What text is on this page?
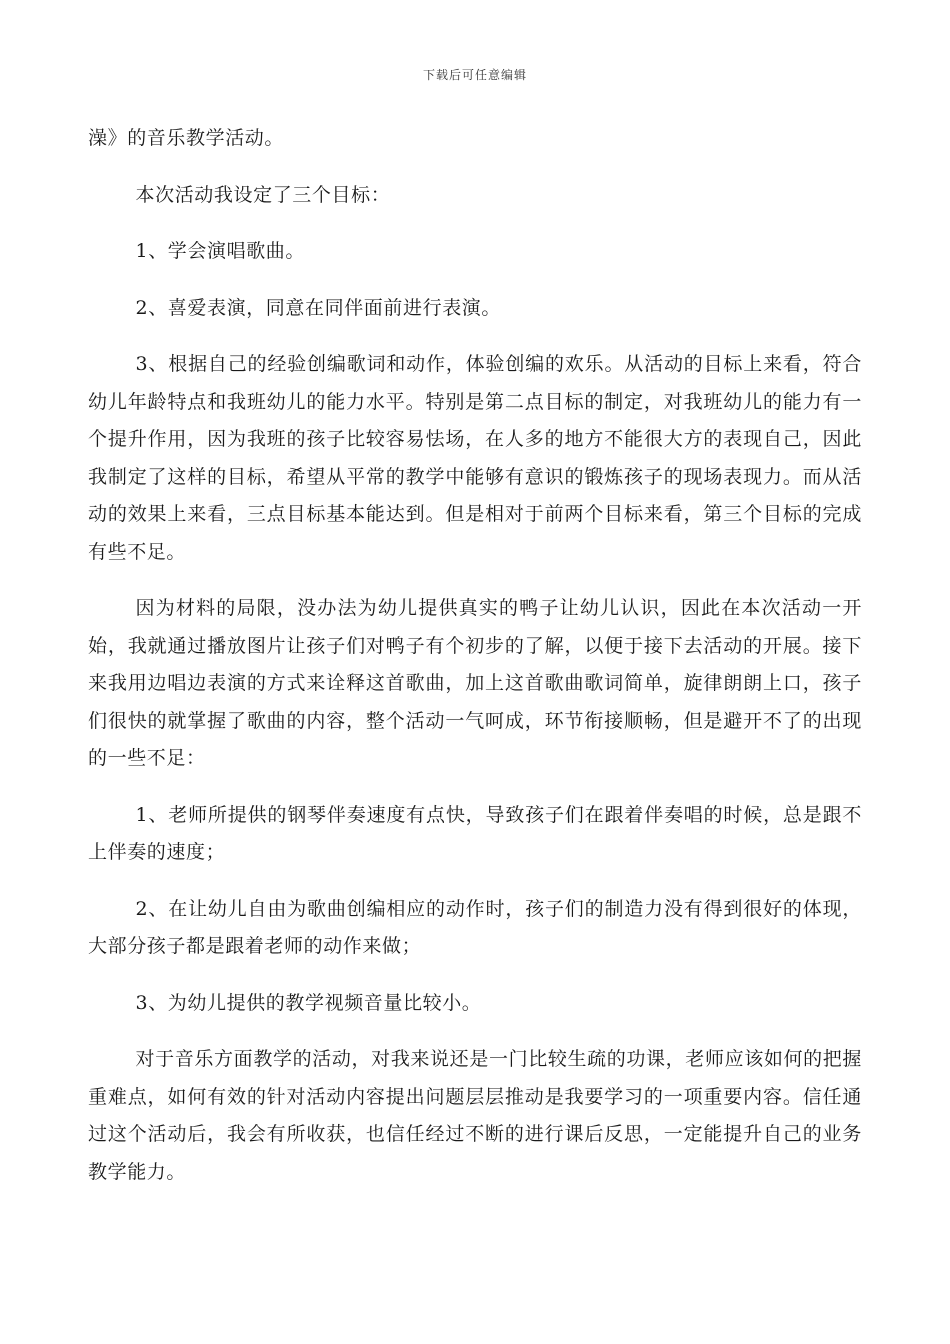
下载后可任意编辑

澡》的音乐教学活动。

本次活动我设定了三个目标：

1、学会演唱歌曲。

2、喜爱表演，同意在同伴面前进行表演。

3、根据自己的经验创编歌词和动作，体验创编的欢乐。从活动的目标上来看，符合幼儿年龄特点和我班幼儿的能力水平。特别是第二点目标的制定，对我班幼儿的能力有一个提升作用，因为我班的孩子比较容易怯场，在人多的地方不能很大方的表现自己，因此我制定了这样的目标，希望从平常的教学中能够有意识的锻炼孩子的现场表现力。而从活动的效果上来看，三点目标基本能达到。但是相对于前两个目标来看，第三个目标的完成有些不足。

因为材料的局限，没办法为幼儿提供真实的鸭子让幼儿认识，因此在本次活动一开始，我就通过播放图片让孩子们对鸭子有个初步的了解，以便于接下去活动的开展。接下来我用边唱边表演的方式来诠释这首歌曲，加上这首歌曲歌词简单，旋律朗朗上口，孩子们很快的就掌握了歌曲的内容，整个活动一气呵成，环节衔接顺畅，但是避开不了的出现的一些不足：

1、老师所提供的钢琴伴奏速度有点快，导致孩子们在跟着伴奏唱的时候，总是跟不上伴奏的速度；

2、在让幼儿自由为歌曲创编相应的动作时，孩子们的制造力没有得到很好的体现，大部分孩子都是跟着老师的动作来做；

3、为幼儿提供的教学视频音量比较小。

对于音乐方面教学的活动，对我来说还是一门比较生疏的功课，老师应该如何的把握重难点，如何有效的针对活动内容提出问题层层推动是我要学习的一项重要内容。信任通过这个活动后，我会有所收获，也信任经过不断的进行课后反思，一定能提升自己的业务教学能力。
